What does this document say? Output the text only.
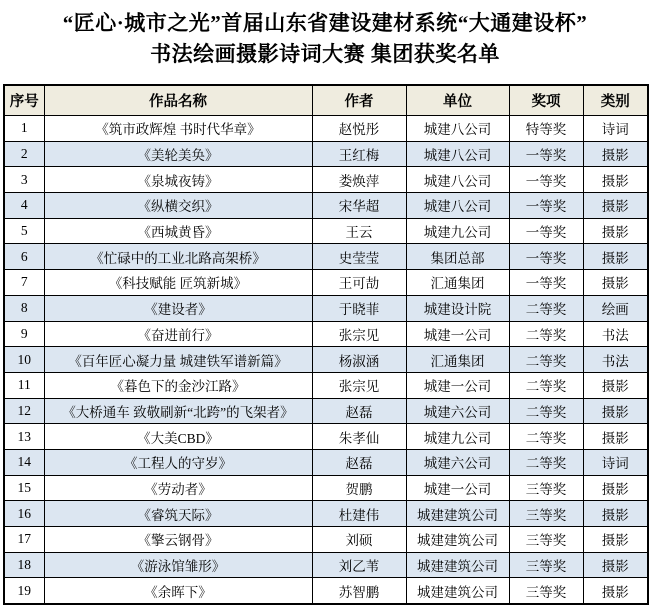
“匠心·城市之光”首届山东省建设建材系统“大通建设杯”
书法绘画摄影诗词大赛 集团获奖名单
序号	作品名称	作者	单位	奖项	类别
1	《筑市政辉煌 书时代华章》	赵悦彤	城建八公司	特等奖	诗词
2	《美轮美奂》	王红梅	城建八公司	一等奖	摄影
3	《泉城夜铸》	娄焕萍	城建八公司	一等奖	摄影
4	《纵横交织》	宋华超	城建八公司	一等奖	摄影
5	《西城黄昏》	王云	城建九公司	一等奖	摄影
6	《忙碌中的工业北路高架桥》	史莹莹	集团总部	一等奖	摄影
7	《科技赋能 匠筑新城》	王可劼	汇通集团	一等奖	摄影
8	《建设者》	于晓菲	城建设计院	二等奖	绘画
9	《奋进前行》	张宗见	城建一公司	二等奖	书法
10	《百年匠心凝力量 城建铁军谱新篇》	杨淑涵	汇通集团	二等奖	书法
11	《暮色下的金沙江路》	张宗见	城建一公司	二等奖	摄影
12	《大桥通车 致敬刷新“北跨”的飞架者》	赵磊	城建六公司	二等奖	摄影
13	《大美CBD》	朱孝仙	城建九公司	二等奖	摄影
14	《工程人的守岁》	赵磊	城建六公司	二等奖	诗词
15	《劳动者》	贺鹏	城建一公司	三等奖	摄影
16	《睿筑天际》	杜建伟	城建建筑公司	三等奖	摄影
17	《擎云钢骨》	刘硕	城建建筑公司	三等奖	摄影
18	《游泳馆雏形》	刘乙苇	城建建筑公司	三等奖	摄影
19	《余晖下》	苏智鹏	城建建筑公司	三等奖	摄影
